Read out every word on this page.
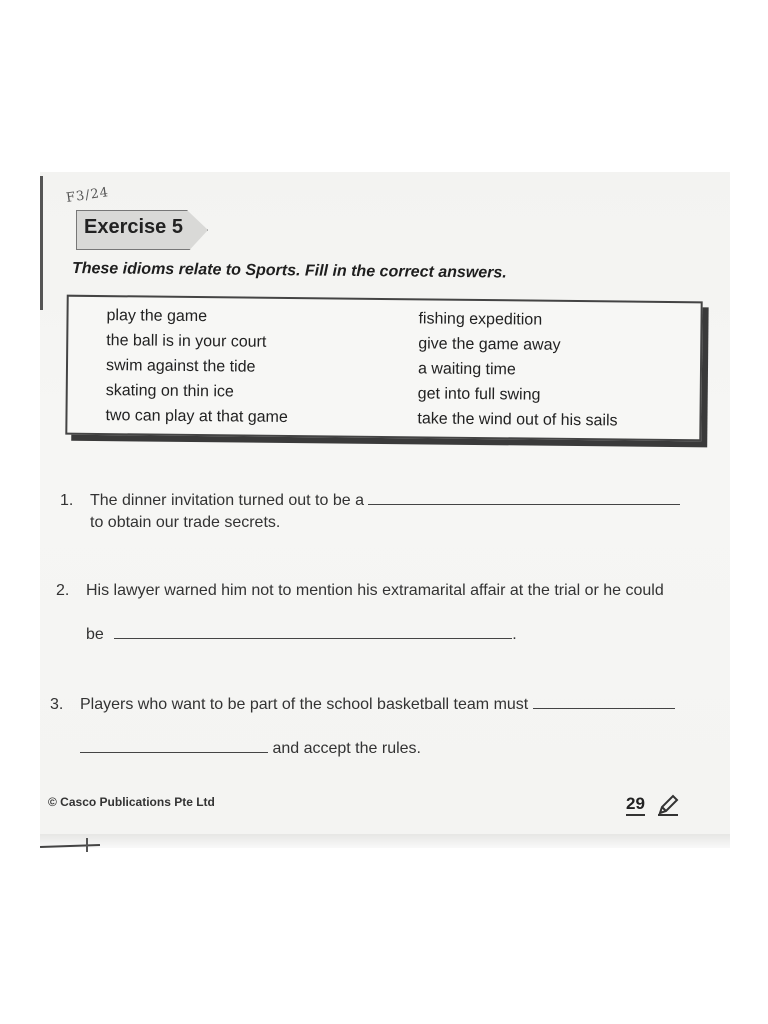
F3/24
Exercise 5
These idioms relate to Sports. Fill in the correct answers.
play the game
the ball is in your court
swim against the tide
skating on thin ice
two can play at that game
fishing expedition
give the game away
a waiting time
get into full swing
take the wind out of his sails
1. The dinner invitation turned out to be a
to obtain our trade secrets.
2. His lawyer warned him not to mention his extramarital affair at the trial or he could
be	.
3. Players who want to be part of the school basketball team must
and accept the rules.
© Casco Publications Pte Ltd	29
